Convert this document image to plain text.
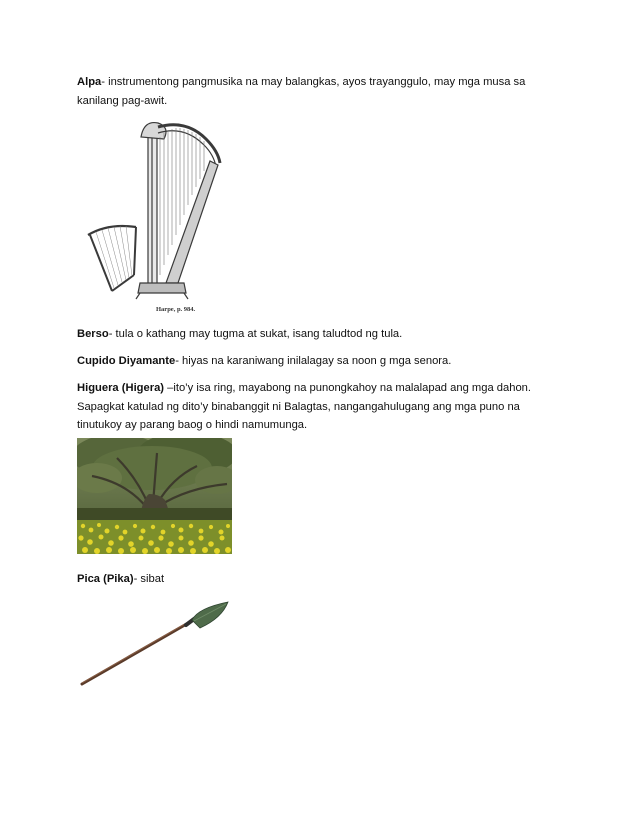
Alpa- instrumentong pangmusika na may balangkas, ayos trayanggulo, may mga musa sa kanilang pag-awit.

Harpe, p. 984.

Berso- tula o kathang may tugma at sukat, isang taludtod ng tula.

Cupido Diyamante- hiyas na karaniwang inilalagay sa noon g mga senora.

Higuera (Higera) –ito’y isa ring, mayabong na punongkahoy na malalapad ang mga dahon. Sapagkat katulad ng dito’y binabanggit ni Balagtas, nangangahulugang ang mga puno na tinutukoy ay parang baog o hindi namumunga.

Pica (Pika)- sibat
